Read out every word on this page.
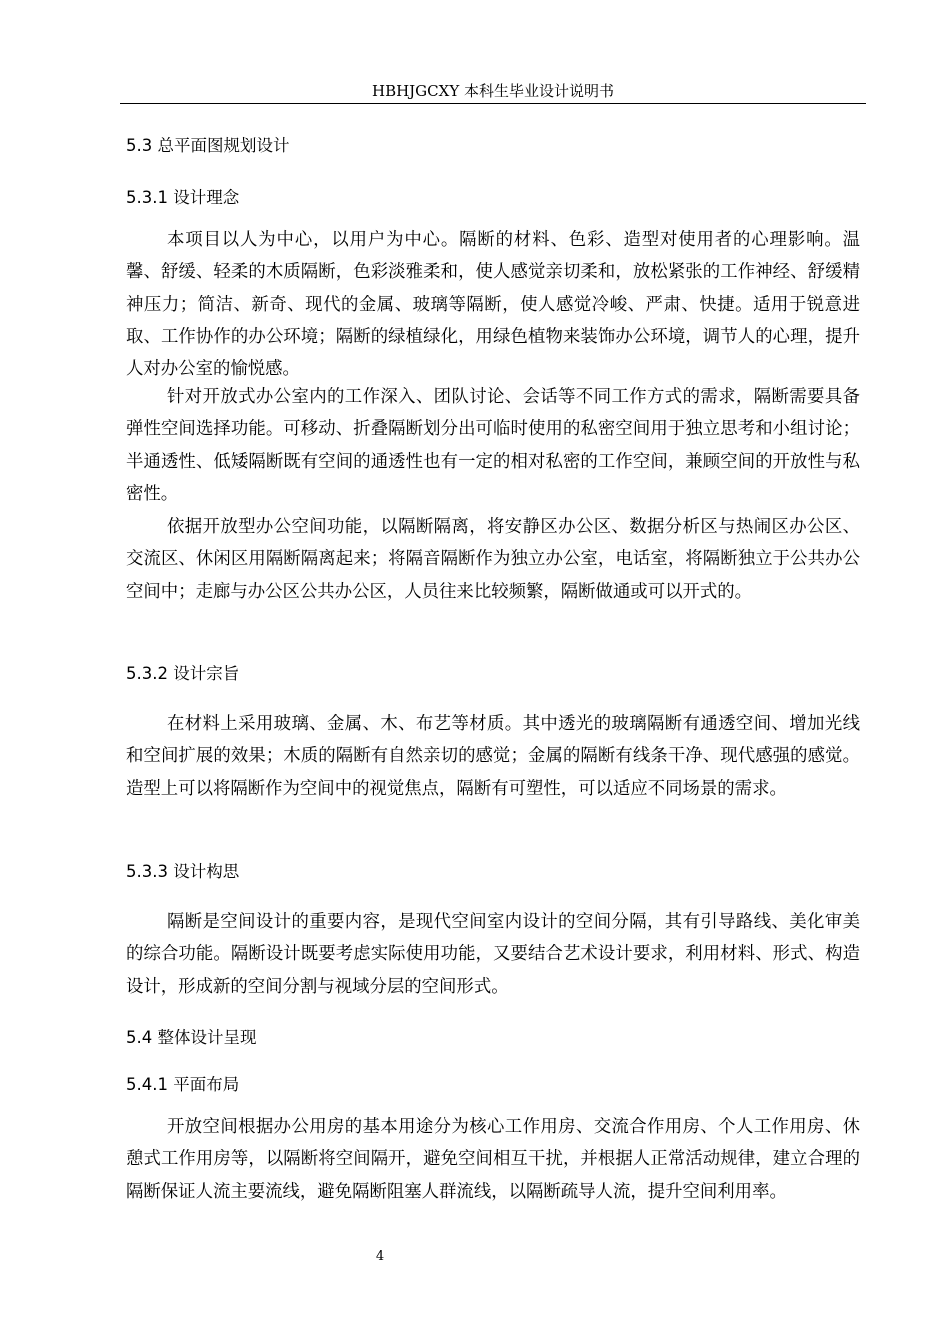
HBHJGCXY 本科生毕业设计说明书
5.3 总平面图规划设计
5.3.1 设计理念

本项目以人为中心，以用户为中心。隔断的材料、色彩、造型对使用者的心理影响。温馨、舒缓、轻柔的木质隔断，色彩淡雅柔和，使人感觉亲切柔和，放松紧张的工作神经、舒缓精神压力；简洁、新奇、现代的金属、玻璃等隔断，使人感觉冷峻、严肃、快捷。适用于锐意进取、工作协作的办公环境；隔断的绿植绿化，用绿色植物来装饰办公环境，调节人的心理，提升人对办公室的愉悦感。

针对开放式办公室内的工作深入、团队讨论、会话等不同工作方式的需求，隔断需要具备弹性空间选择功能。可移动、折叠隔断划分出可临时使用的私密空间用于独立思考和小组讨论；半通透性、低矮隔断既有空间的通透性也有一定的相对私密的工作空间，兼顾空间的开放性与私密性。

依据开放型办公空间功能，以隔断隔离，将安静区办公区、数据分析区与热闹区办公区、交流区、休闲区用隔断隔离起来；将隔音隔断作为独立办公室，电话室，将隔断独立于公共办公空间中；走廊与办公区公共办公区，人员往来比较频繁，隔断做通或可以开式的。

5.3.2 设计宗旨

在材料上采用玻璃、金属、木、布艺等材质。其中透光的玻璃隔断有通透空间、增加光线和空间扩展的效果；木质的隔断有自然亲切的感觉；金属的隔断有线条干净、现代感强的感觉。造型上可以将隔断作为空间中的视觉焦点，隔断有可塑性，可以适应不同场景的需求。

5.3.3 设计构思

隔断是空间设计的重要内容，是现代空间室内设计的空间分隔，其有引导路线、美化审美的综合功能。隔断设计既要考虑实际使用功能，又要结合艺术设计要求，利用材料、形式、构造设计，形成新的空间分割与视域分层的空间形式。

5.4 整体设计呈现
5.4.1 平面布局

开放空间根据办公用房的基本用途分为核心工作用房、交流合作用房、个人工作用房、休憩式工作用房等，以隔断将空间隔开，避免空间相互干扰，并根据人正常活动规律，建立合理的隔断保证人流主要流线，避免隔断阻塞人群流线，以隔断疏导人流，提升空间利用率。

4
